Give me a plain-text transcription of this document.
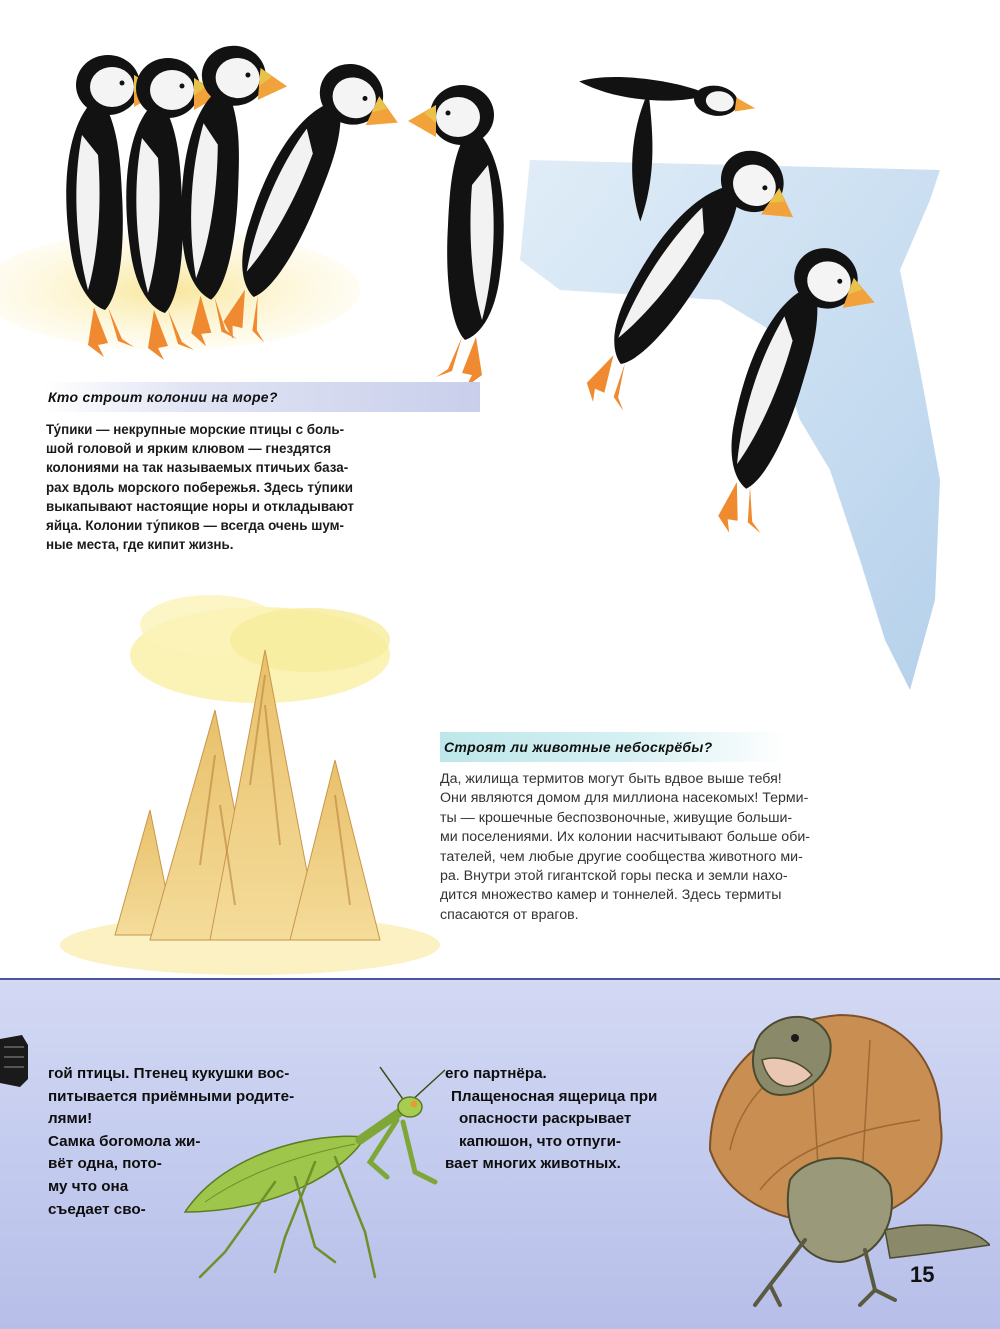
Кто строит колонии на море?
Ту́пики — некрупные морские птицы с боль-
шой головой и ярким клювом — гнездятся
колониями на так называемых птичьих база-
рах вдоль морского побережья. Здесь ту́пики
выкапывают настоящие норы и откладывают
яйца. Колонии ту́пиков — всегда очень шум-
ные места, где кипит жизнь.
Строят ли животные небоскрёбы?
Да, жилища термитов могут быть вдвое выше тебя!
Они являются домом для миллиона насекомых! Терми-
ты — крошечные беспозвоночные, живущие больши-
ми поселениями. Их колонии насчитывают больше оби-
тателей, чем любые другие сообщества животного ми-
ра. Внутри этой гигантской горы песка и земли нахо-
дится множество камер и тоннелей. Здесь термиты
спасаются от врагов.
гой птицы. Птенец кукушки вос-
питывается приёмными родите-
лями!
Самка богомола жи-
вёт одна, пото-
му что она
съедает сво-
его партнёра.
Плащеносная ящерица при
опасности раскрывает
капюшон, что отпуги-
вает многих животных.
15
